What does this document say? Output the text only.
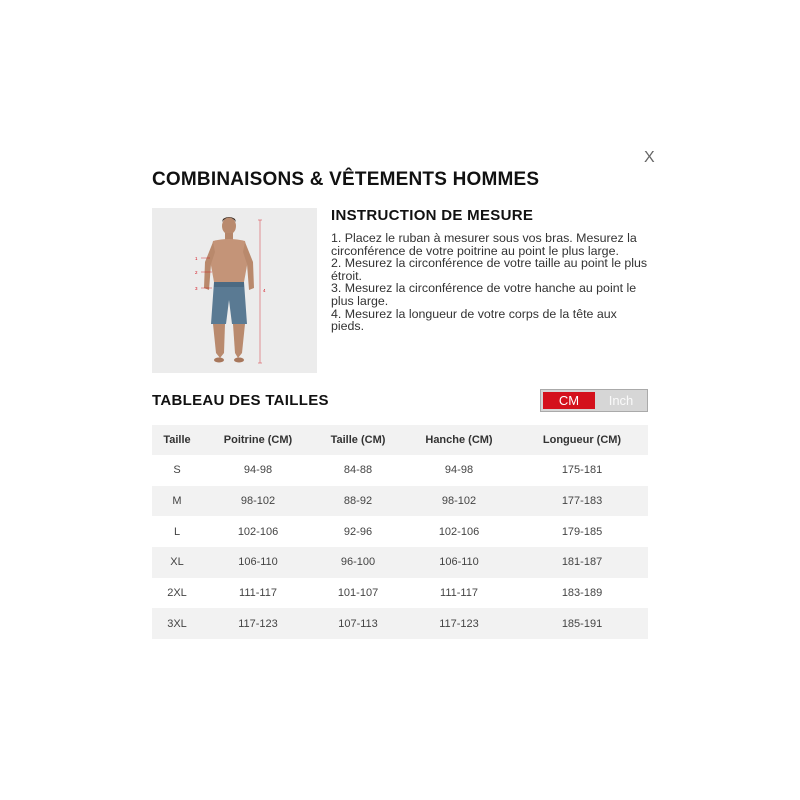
X
COMBINAISONS & VÊTEMENTS HOMMES
1
2
3	4
INSTRUCTION DE MESURE

1. Placez le ruban à mesurer sous vos bras. Mesurez la circonférence de votre poitrine au point le plus large.

2. Mesurez la circonférence de votre taille au point le plus étroit.

3. Mesurez la circonférence de votre hanche au point le plus large.

4. Mesurez la longueur de votre corps de la tête aux pieds.

TABLEAU DES TAILLES	CM	Inch
Taille	Poitrine (CM)	Taille (CM)	Hanche (CM)	Longueur (CM)
S	94-98	84-88	94-98	175-181
M	98-102	88-92	98-102	177-183
L	102-106	92-96	102-106	179-185
XL	106-110	96-100	106-110	181-187
2XL	111-117	101-107	111-117	183-189
3XL	117-123	107-113	117-123	185-191
